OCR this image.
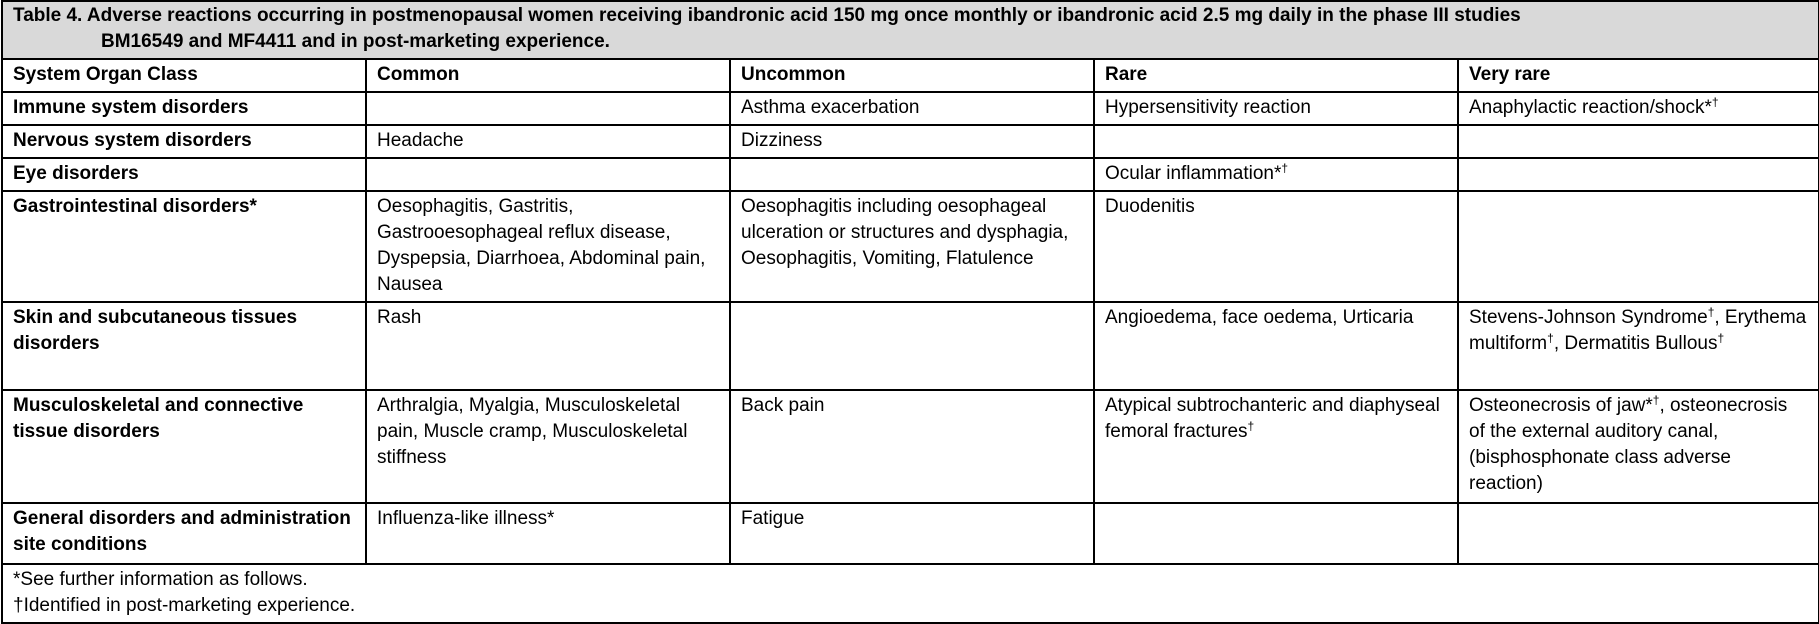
Table 4. Adverse reactions occurring in postmenopausal women receiving ibandronic acid 150 mg once monthly or ibandronic acid 2.5 mg daily in the phase III studies
BM16549 and MF4411 and in post-marketing experience.				

System Organ Class	Common	Uncommon	Rare	Very rare
Immune system disorders		Asthma exacerbation	Hypersensitivity reaction	Anaphylactic reaction/shock*†
Nervous system disorders	Headache	Dizziness		
Eye disorders			Ocular inflammation*†	
Gastrointestinal disorders*	Oesophagitis, Gastritis, Gastrooesophageal reflux disease, Dyspepsia, Diarrhoea, Abdominal pain, Nausea	Oesophagitis including oesophageal ulceration or structures and dysphagia, Oesophagitis, Vomiting, Flatulence	Duodenitis	
Skin and subcutaneous tissues disorders	Rash		Angioedema, face oedema, Urticaria	Stevens-Johnson Syndrome†, Erythema multiform†, Dermatitis Bullous†
Musculoskeletal and connective tissue disorders	Arthralgia, Myalgia, Musculoskeletal pain, Muscle cramp, Musculoskeletal stiffness	Back pain	Atypical subtrochanteric and diaphyseal femoral fractures†	Osteonecrosis of jaw*†, osteonecrosis of the external auditory canal, (bisphosphonate class adverse reaction)
General disorders and administration site conditions	Influenza-like illness*	Fatigue		

*See further information as follows.
†Identified in post-marketing experience.				
